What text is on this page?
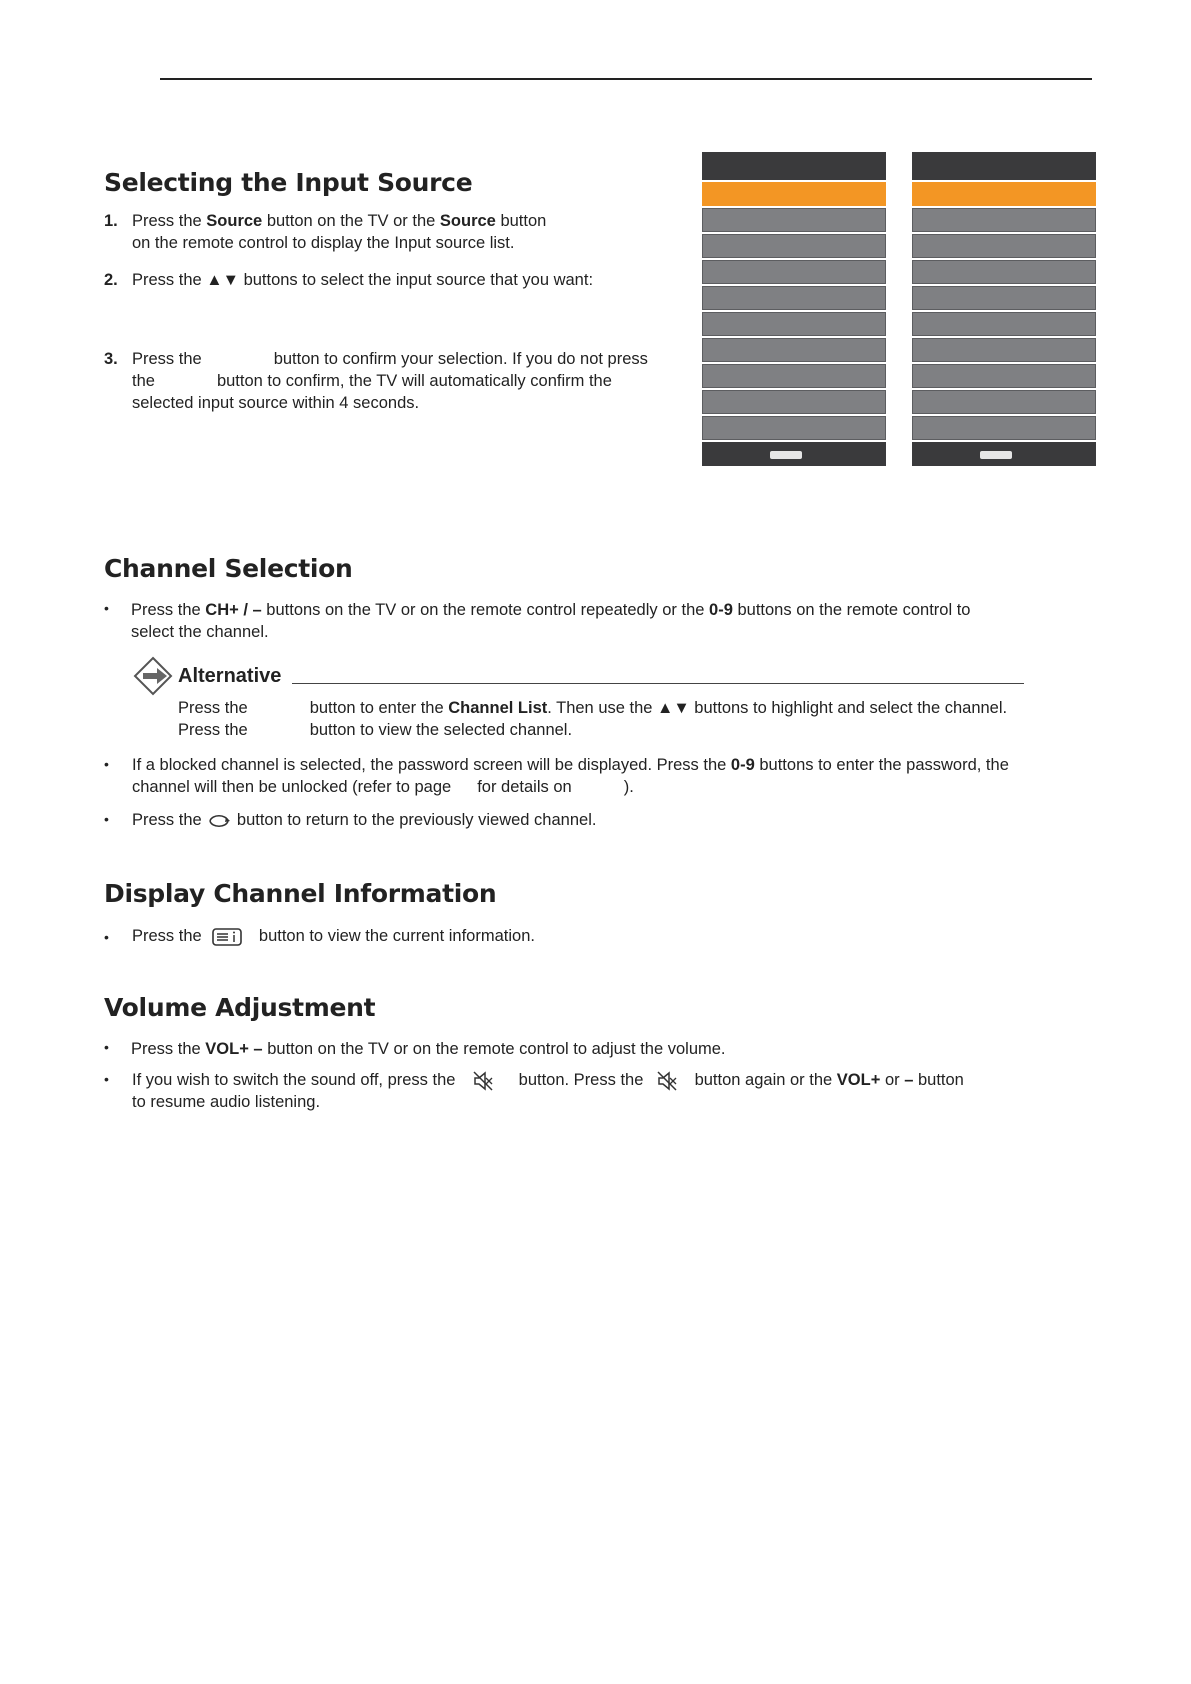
Selecting the Input Source
1. Press the Source button on the TV or the Source button
on the remote control to display the Input source list.
2. Press the ▲▼ buttons to select the input source that you want:
3. Press the	button to confirm your selection. If you do not press
the	button to confirm, the TV will automatically confirm the
selected input source within 4 seconds.
Channel Selection
• Press the CH+ / – buttons on the TV or on the remote control repeatedly or the 0-9 buttons on the remote control to
select the channel.
Alternative
Press the	button to enter the Channel List. Then use the ▲▼ buttons to highlight and select the channel.
Press the	button to view the selected channel.
• If a blocked channel is selected, the password screen will be displayed. Press the 0-9 buttons to enter the password, the
channel will then be unlocked (refer to page for details on	).
• Press the button to return to the previously viewed channel.
Display Channel Information
• Press the	button to view the current information.
Volume Adjustment
• Press the VOL+ – button on the TV or on the remote control to adjust the volume.
• If you wish to switch the sound off, press the	button. Press the	button again or the VOL+ or – button
to resume audio listening.
